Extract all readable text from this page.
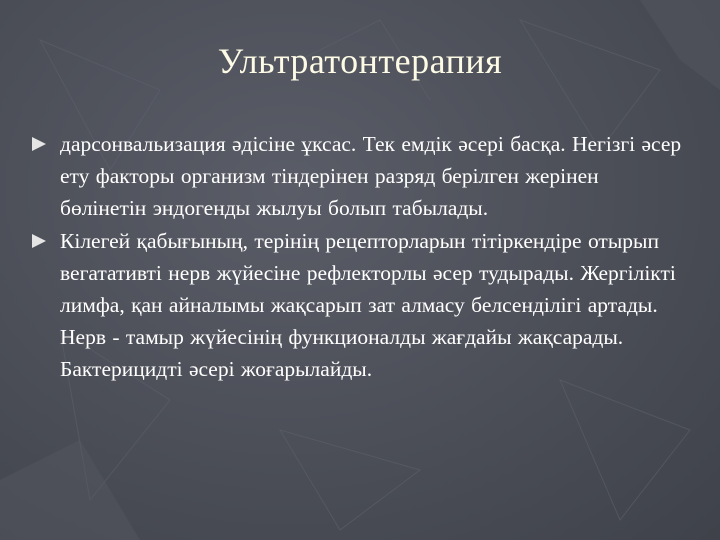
Ультратонтерапия
дарсонвальизация әдісіне ұксас. Тек емдік әсері басқа. Негізгі әсер ету факторы организм тіндерінен разряд берілген жерінен бөлінетін эндогенды жылуы болып табылады.
Кілегей қабығының, терінің рецепторларын тітіркендіре отырып вегатативті нерв жүйесіне рефлекторлы әсер тудырады. Жергілікті лимфа, қан айналымы жақсарып зат алмасу белсенділігі артады. Нерв - тамыр жүйесінің функционалды жағдайы жақсарады. Бактерицидті әсері жоғарылайды.
